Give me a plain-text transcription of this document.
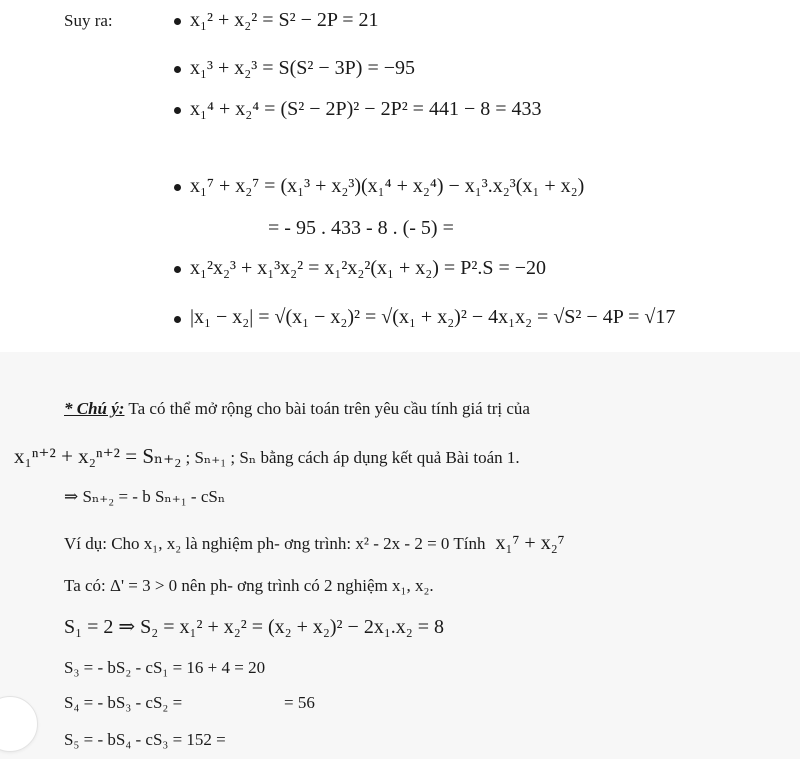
Suy ra:	x₁² + x₂² = S² − 2P = 21
x₁³ + x₂³ = S(S² − 3P) = −95
x₁⁴ + x₂⁴ = (S² − 2P)² − 2P² = 441 − 8 = 433
x₁⁷ + x₂⁷ = (x₁³ + x₂³)(x₁⁴ + x₂⁴) − x₁³.x₂³(x₁ + x₂)
= - 95 . 433 - 8 . (- 5) =
x₁²x₂³ + x₁³x₂² = x₁²x₂²(x₁ + x₂) = P².S = −20
|x₁ − x₂| = √(x₁ − x₂)² = √(x₁ + x₂)² − 4x₁x₂ = √S² − 4P = √17
* Chú ý: Ta có thể mở rộng cho bài toán trên yêu cầu tính giá trị của
x₁ⁿ⁺² + x₂ⁿ⁺² = Sₙ₊₂ ; Sₙ₊₁ ; Sₙ bằng cách áp dụng kết quả Bài toán 1.
⇒ Sₙ₊₂ = - b Sₙ₊₁ - cSₙ
Ví dụ: Cho x₁, x₂ là nghiệm ph- ơng trình: x² - 2x - 2 = 0 Tính x₁⁷ + x₂⁷
Ta có: Δ' = 3 > 0 nên ph- ơng trình có 2 nghiệm x₁, x₂.
S₁ = 2 ⇒ S₂ = x₁² + x₂² = (x₂ + x₂)² − 2x₁.x₂ = 8
S₃ = - bS₂ - cS₁ = 16 + 4 = 20
S₄ = - bS₃ - cS₂ =	= 56
S₅ = - bS₄ - cS₃ = 152 =
